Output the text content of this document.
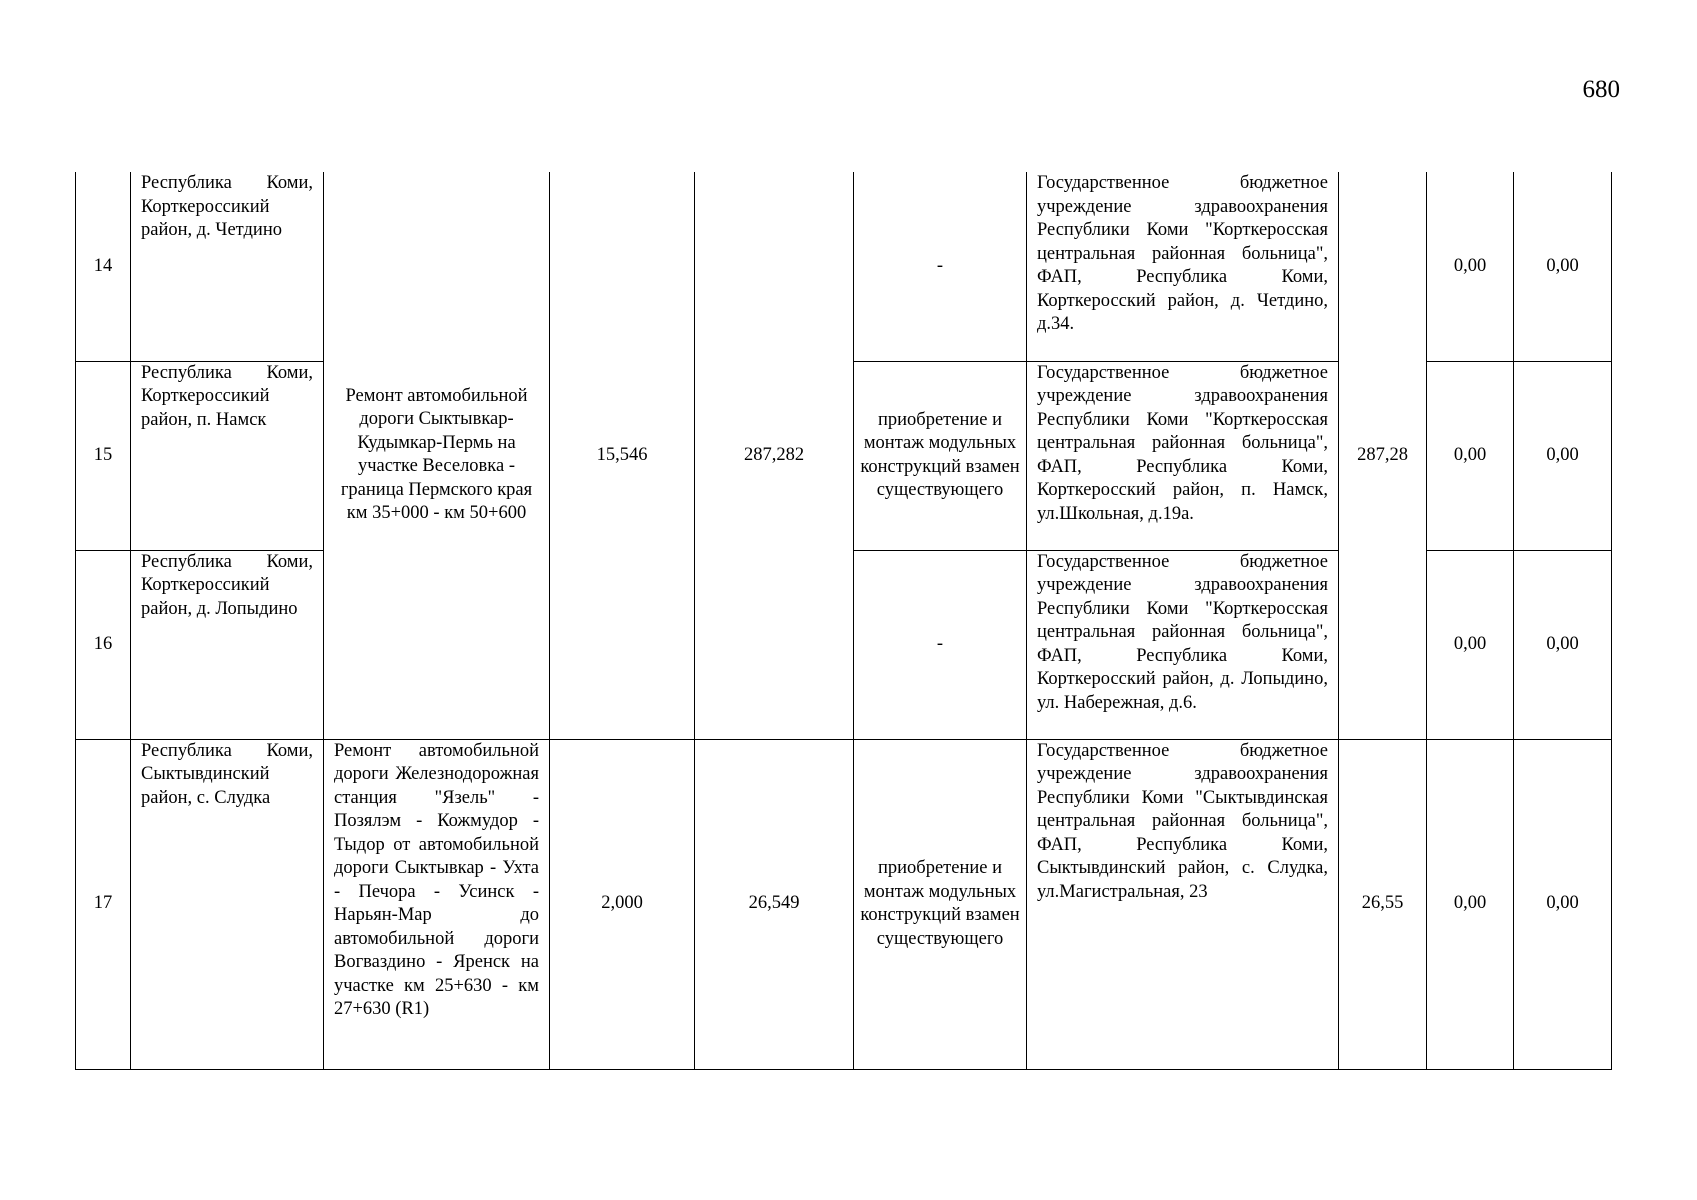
680
14	Республика Коми, Корткероссикий район, д. Четдино	Ремонт автомобильной дороги Сыктывкар-Кудымкар-Пермь на участке Веселовка - граница Пермского края км 35+000 - км 50+600	15,546	287,282	-	Государственное бюджетное учреждение здравоохранения Республики Коми "Корткеросская центральная районная больница", ФАП, Республика Коми, Корткеросский район, д. Четдино, д.34.	287,28	0,00	0,00
15	Республика Коми, Корткероссикий район, п. Намск				приобретение и монтаж модульных конструкций взамен существующего	Государственное бюджетное учреждение здравоохранения Республики Коми "Корткеросская центральная районная больница", ФАП, Республика Коми, Корткеросский район, п. Намск, ул.Школьная, д.19а.		0,00	0,00
16	Республика Коми, Корткероссикий район, д. Лопыдино				-	Государственное бюджетное учреждение здравоохранения Республики Коми "Корткеросская центральная районная больница", ФАП, Республика Коми, Корткеросский район, д. Лопыдино, ул. Набережная, д.6.		0,00	0,00
17	Республика Коми, Сыктывдинский район, с. Слудка	Ремонт автомобильной дороги Железнодорожная станция "Язель" - Позялэм - Кожмудор - Тыдор от автомобильной дороги Сыктывкар - Ухта - Печора - Усинск - Нарьян-Мар до автомобильной дороги Вогваздино - Яренск на участке км 25+630 - км 27+630 (R1)	2,000	26,549	приобретение и монтаж модульных конструкций взамен существующего	Государственное бюджетное учреждение здравоохранения Республики Коми "Сыктывдинская центральная районная больница", ФАП, Республика Коми, Сыктывдинский район, с. Слудка, ул.Магистральная, 23	26,55	0,00	0,00
